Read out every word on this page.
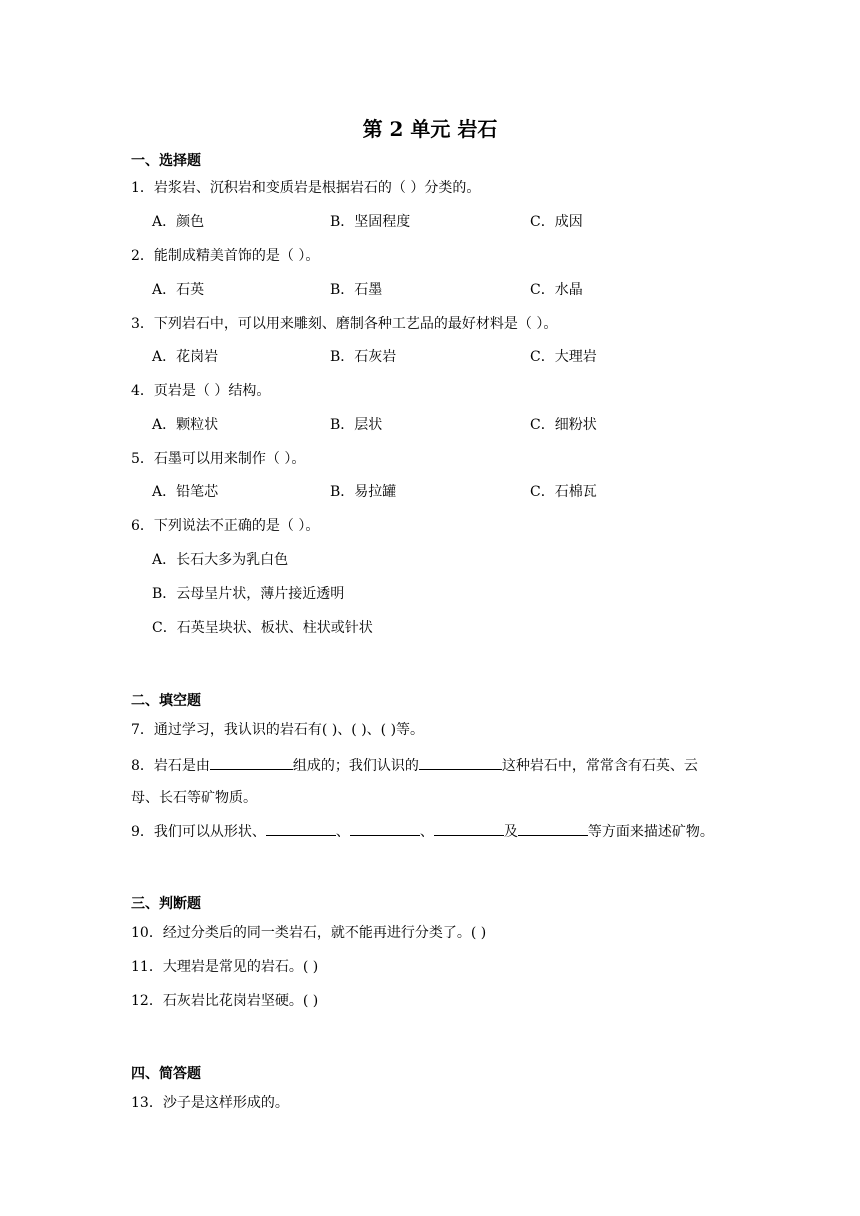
第 2 单元 岩石
一、选择题
1．岩浆岩、沉积岩和变质岩是根据岩石的（ ）分类的。
A．颜色	B．坚固程度	C．成因
2．能制成精美首饰的是（ ）。
A．石英	B．石墨	C．水晶
3．下列岩石中，可以用来雕刻、磨制各种工艺品的最好材料是（ ）。
A．花岗岩	B．石灰岩	C．大理岩
4．页岩是（ ）结构。
A．颗粒状	B．层状	C．细粉状
5．石墨可以用来制作（ ）。
A．铅笔芯	B．易拉罐	C．石棉瓦
6．下列说法不正确的是（ ）。
A．长石大多为乳白色
B．云母呈片状，薄片接近透明
C．石英呈块状、板状、柱状或针状
二、填空题
7．通过学习，我认识的岩石有( )、( )、( )等。
8．岩石是由	组成的；我们认识的	这种岩石中，常常含有石英、云
母、长石等矿物质。
9．我们可以从形状、	、	、	及	等方面来描述矿物。
三、判断题
10．经过分类后的同一类岩石，就不能再进行分类了。( )
11．大理岩是常见的岩石。( )
12．石灰岩比花岗岩坚硬。( )
四、简答题
13．沙子是这样形成的。
